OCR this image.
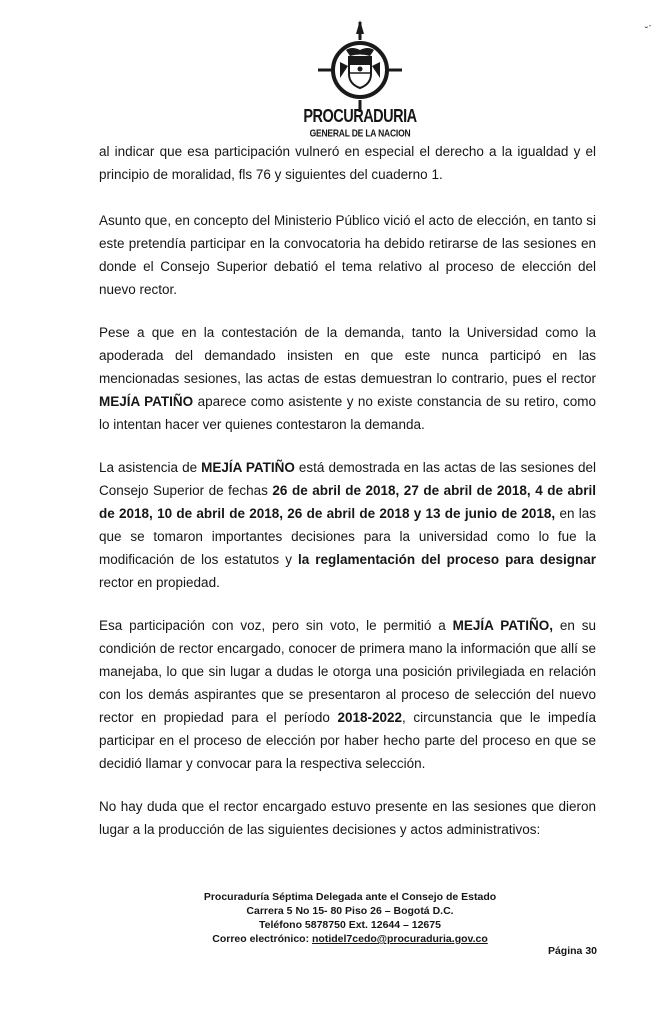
PROCURADURIA
GENERAL DE LA NACION
˘ ́

al indicar que esa participación vulneró en especial el derecho a la igualdad y el principio de moralidad, fls 76 y siguientes del cuaderno 1.

Asunto que, en concepto del Ministerio Público vició el acto de elección, en tanto si este pretendía participar en la convocatoria ha debido retirarse de las sesiones en donde el Consejo Superior debatió el tema relativo al proceso de elección del nuevo rector.

Pese a que en la contestación de la demanda, tanto la Universidad como la apoderada del demandado insisten en que este nunca participó en las mencionadas sesiones, las actas de estas demuestran lo contrario, pues el rector MEJÍA PATIÑO aparece como asistente y no existe constancia de su retiro, como lo intentan hacer ver quienes contestaron la demanda.

La asistencia de MEJÍA PATIÑO está demostrada en las actas de las sesiones del Consejo Superior de fechas 26 de abril de 2018, 27 de abril de 2018, 4 de abril de 2018, 10 de abril de 2018, 26 de abril de 2018 y 13 de junio de 2018, en las que se tomaron importantes decisiones para la universidad como lo fue la modificación de los estatutos y la reglamentación del proceso para designar rector en propiedad.

Esa participación con voz, pero sin voto, le permitió a MEJÍA PATIÑO, en su condición de rector encargado, conocer de primera mano la información que allí se manejaba, lo que sin lugar a dudas le otorga una posición privilegiada en relación con los demás aspirantes que se presentaron al proceso de selección del nuevo rector en propiedad para el período 2018-2022, circunstancia que le impedía participar en el proceso de elección por haber hecho parte del proceso en que se decidió llamar y convocar para la respectiva selección.

No hay duda que el rector encargado estuvo presente en las sesiones que dieron lugar a la producción de las siguientes decisiones y actos administrativos:

Procuraduría Séptima Delegada ante el Consejo de Estado
Carrera 5 No 15- 80 Piso 26 – Bogotá D.C.
Teléfono 5878750 Ext. 12644 – 12675
Correo electrónico: notidel7cedo@procuraduria.gov.co
Página 30
